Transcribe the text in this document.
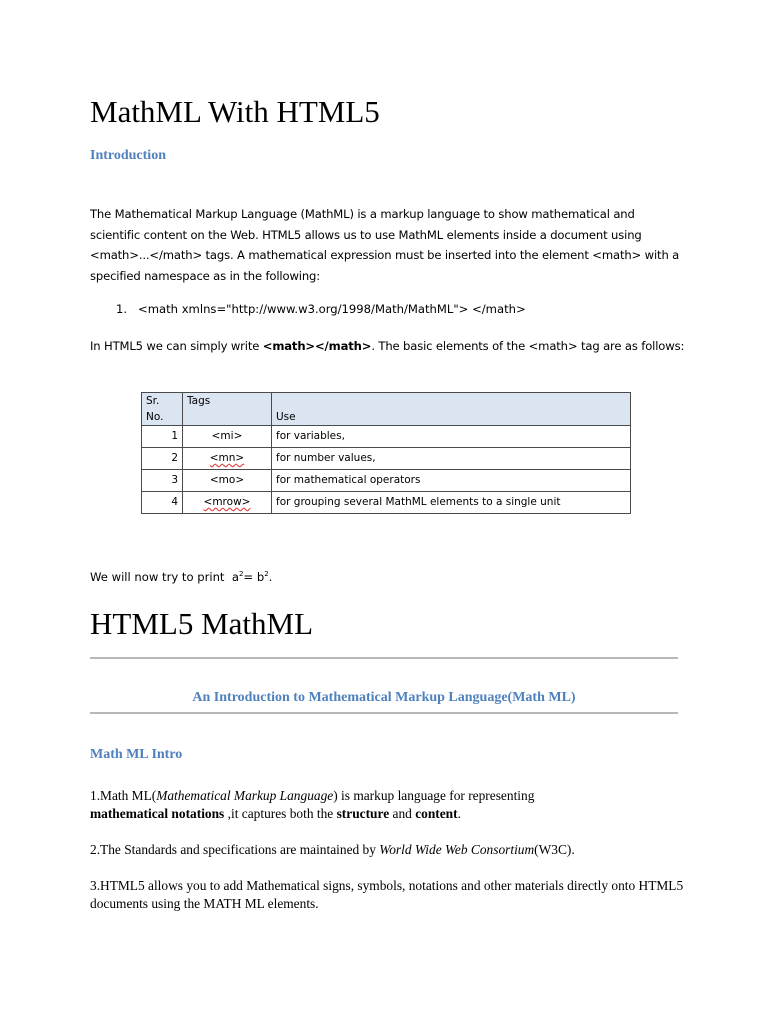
MathML With HTML5
Introduction
The Mathematical Markup Language (MathML) is a markup language to show mathematical and scientific content on the Web. HTML5 allows us to use MathML elements inside a document using <math>...</math> tags. A mathematical expression must be inserted into the element <math> with a specified namespace as in the following:
1. <math xmlns="http://www.w3.org/1998/Math/MathML"> </math>
In HTML5 we can simply write <math></math>. The basic elements of the <math> tag are as follows:
Sr. No.	Tags	Use
1	<mi>	for variables,
2	<mn>	for number values,
3	<mo>	for mathematical operators
4	<mrow>	for grouping several MathML elements to a single unit
We will now try to print $a^2= b^2$.
HTML5 MathML
An Introduction to Mathematical Markup Language(Math ML)
Math ML Intro
1.Math ML(Mathematical Markup Language) is markup language for representing
mathematical notations ,it captures both the structure and content.
2.The Standards and specifications are maintained by World Wide Web Consortium(W3C).
3.HTML5 allows you to add Mathematical signs, symbols, notations and other materials directly onto HTML5 documents using the MATH ML elements.
